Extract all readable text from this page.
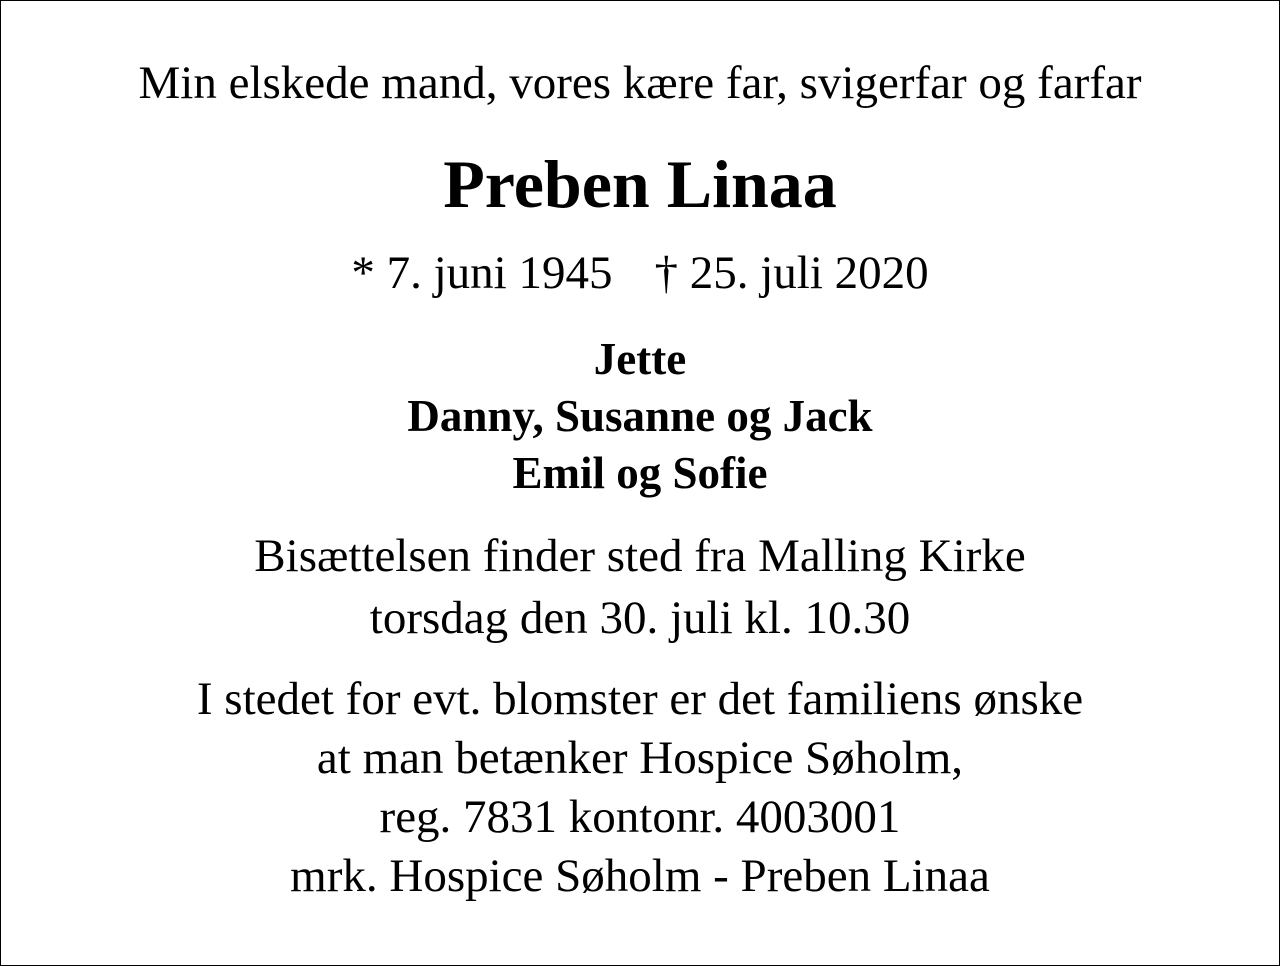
Min elskede mand, vores kære far, svigerfar og farfar
Preben Linaa
* 7. juni 1945 † 25. juli 2020
Jette
Danny, Susanne og Jack
Emil og Sofie
Bisættelsen finder sted fra Malling Kirke
torsdag den 30. juli kl. 10.30
I stedet for evt. blomster er det familiens ønske
at man betænker Hospice Søholm,
reg. 7831 kontonr. 4003001
mrk. Hospice Søholm - Preben Linaa
